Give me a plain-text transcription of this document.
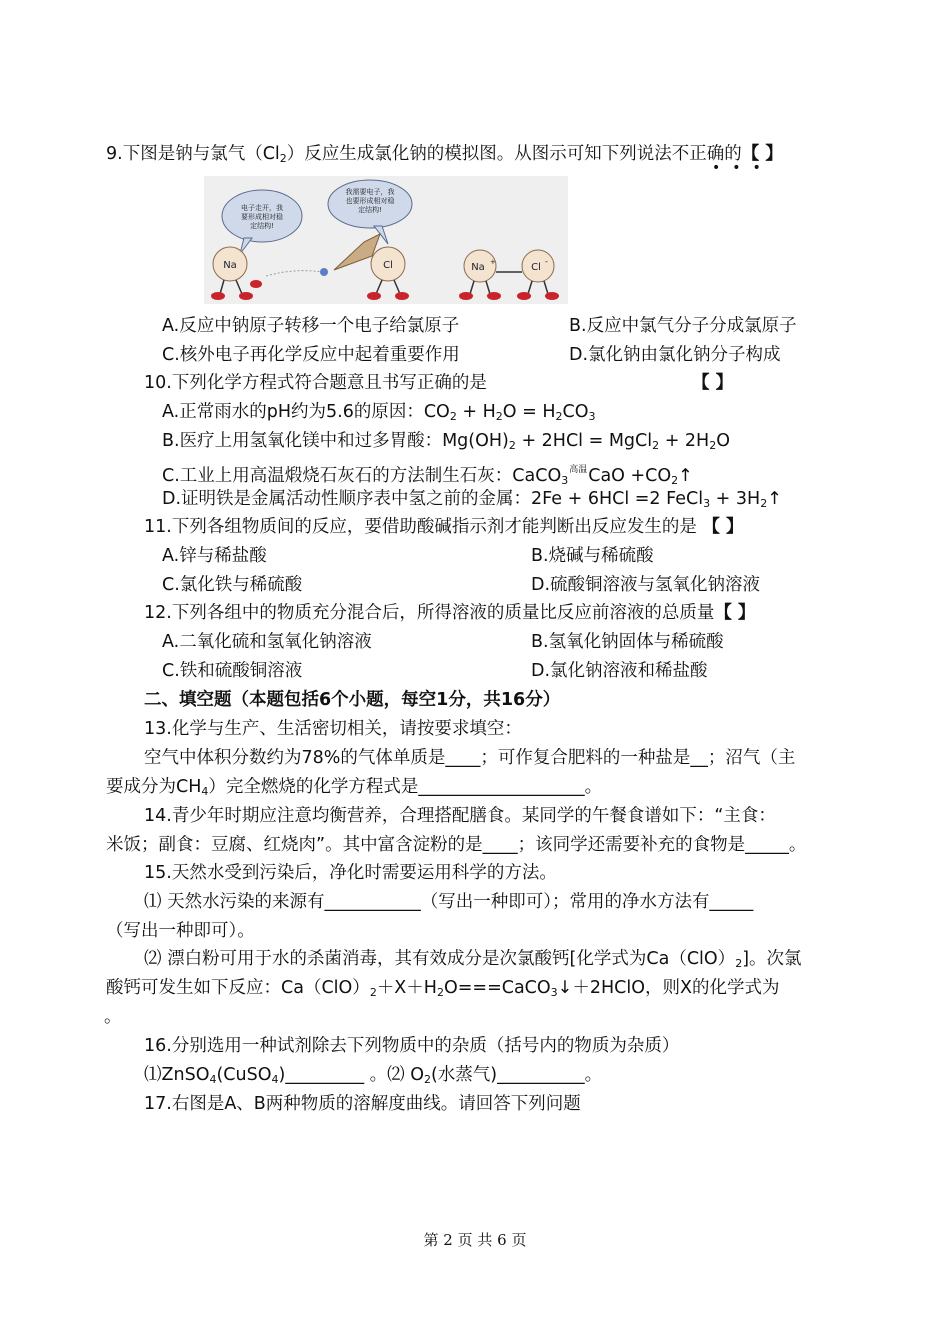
9.下图是钠与氯气$(Cl_2)$反应生成氯化钠的模拟图。从图示可知下列说法不正确的【 】
•••
电子走开，我要形成相对稳定结构!
我需要电子，我也要形成相对稳定结构!
Na	Cl	Na +	Cl
-
A.反应中钠原子转移一个电子给氯原子	B.反应中氯气分子分成氯原子
C.核外电子再化学反应中起着重要作用	D.氯化钠由氯化钠分子构成
10.下列化学方程式符合题意且书写正确的是	【 】
A.正常雨水的pH约为5.6的原因：$CO_2 + H_2O = H_2CO_3$
B.医疗上用氢氧化镁中和过多胃酸：$Mg(OH)_2 + 2HCl$ = MgCl$_2$ + $2H_2O$
C.工业上用高温煅烧石灰石的方法制生石灰：CaCO$_3$高温CaO $+CO_2↑$
D.证明铁是金属活动性顺序表中氢之前的金属：2Fe + 6HCl =2 FeCl$_3$ + $3H_2↑$
11.下列各组物质间的反应，要借助酸碱指示剂才能判断出反应发生的是 【 】
A.锌与稀盐酸	B.烧碱与稀硫酸
C.氯化铁与稀硫酸	D.硫酸铜溶液与氢氧化钠溶液
12.下列各组中的物质充分混合后，所得溶液的质量比反应前溶液的总质量【 】
A.二氧化硫和氢氧化钠溶液	B.氢氧化钠固体与稀硫酸
C.铁和硫酸铜溶液	D.氯化钠溶液和稀盐酸
二、填空题（本题包括6个小题，每空1分，共16分）
13.化学与生产、生活密切相关，请按要求填空：
空气中体积分数约为78%的气体单质是____；可作复合肥料的一种盐是__；沼气（主
要成分为$CH_4$）完全燃烧的化学方程式是___________________。
14.青少年时期应注意均衡营养，合理搭配膳食。某同学的午餐食谱如下：“主食：
米饭；副食：豆腐、红烧肉”。其中富含淀粉的是____；该同学还需要补充的食物是_____。
15.天然水受到污染后，净化时需要运用科学的方法。
⑴ 天然水污染的来源有___________（写出一种即可）；常用的净水方法有_____
（写出一种即可）。
⑵ 漂白粉可用于水的杀菌消毒，其有效成分是次氯酸钙[化学式为$Ca(ClO)_2$]。次氯
酸钙可发生如下反应：$Ca(ClO)_2+X+H_2O===CaCO_3↓+2HClO$，则X的化学式为
。
16.分别选用一种试剂除去下列物质中的杂质（括号内的物质为杂质）
⑴ZnSO$_4$(CuSO$_4$)_________ 。⑵ $O_2$(水蒸气)__________。
17.右图是A、B两种物质的溶解度曲线。请回答下列问题
第 2 页 共 6 页
